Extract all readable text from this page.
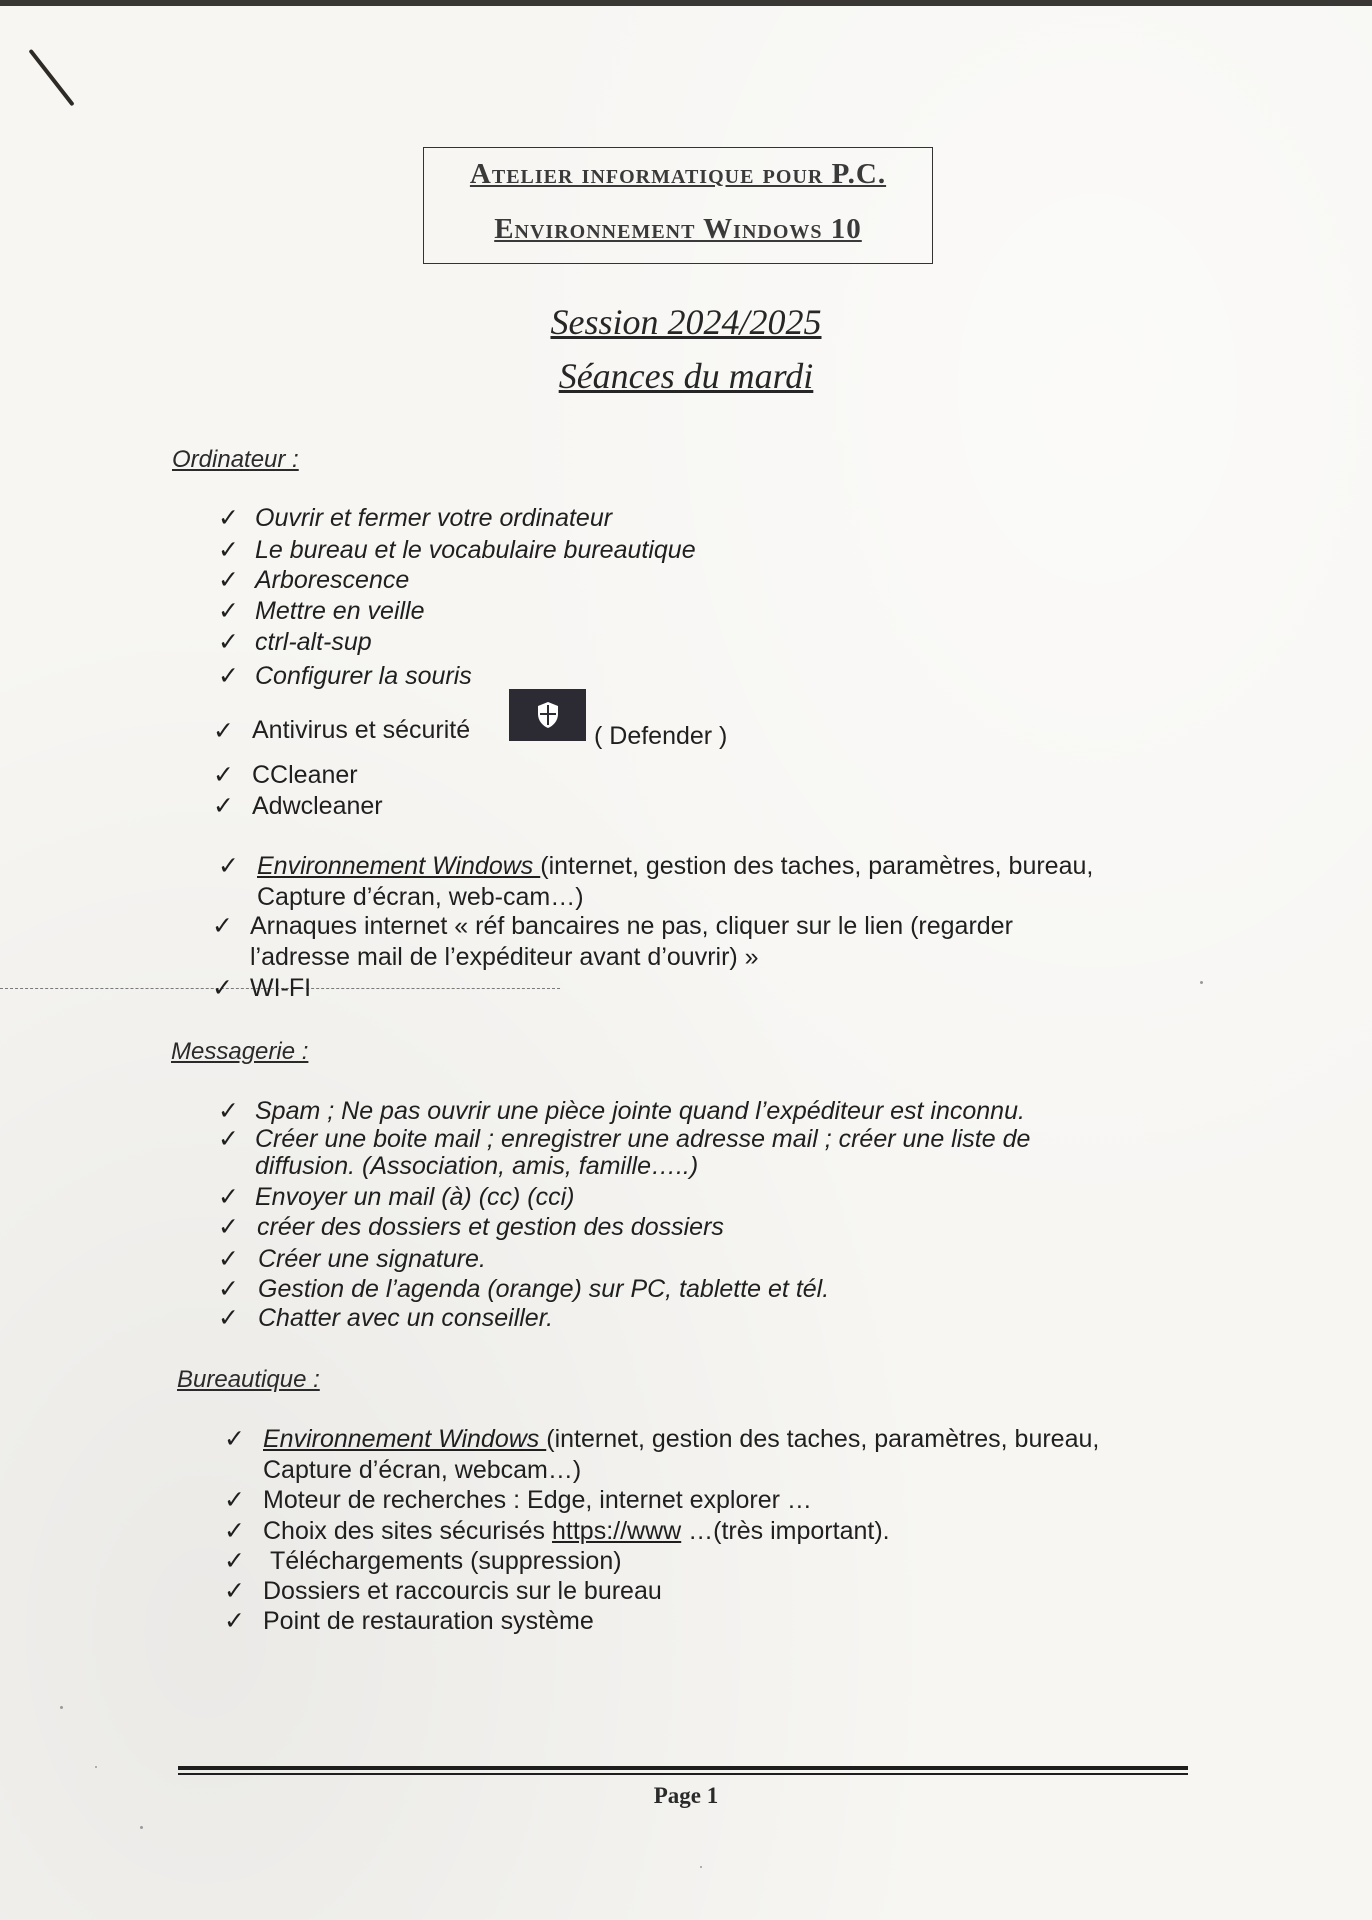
Atelier informatique pour P.C.
Environnement Windows 10
Session 2024/2025
Séances du mardi
Ordinateur :
✓ Ouvrir et fermer votre ordinateur
✓ Le bureau et le vocabulaire bureautique
✓ Arborescence
✓ Mettre en veille
✓ ctrl-alt-sup
✓ Configurer la souris
✓ Antivirus et sécurité	( Defender )
✓ CCleaner
✓ Adwcleaner
✓ Environnement Windows (internet, gestion des taches, paramètres, bureau,
Capture d’écran, web-cam…)
✓ Arnaques internet « réf bancaires ne pas, cliquer sur le lien (regarder
l’adresse mail de l’expéditeur avant d’ouvrir) »
✓ WI-FI
Messagerie :
✓ Spam ; Ne pas ouvrir une pièce jointe quand l’expéditeur est inconnu.
✓ Créer une boite mail ; enregistrer une adresse mail ; créer une liste de
diffusion. (Association, amis, famille…..)
✓ Envoyer un mail (à) (cc) (cci)
✓ créer des dossiers et gestion des dossiers
✓ Créer une signature.
✓ Gestion de l’agenda (orange) sur PC, tablette et tél.
✓ Chatter avec un conseiller.
Bureautique :
✓ Environnement Windows (internet, gestion des taches, paramètres, bureau,
Capture d’écran, webcam…)
✓ Moteur de recherches : Edge, internet explorer …
✓ Choix des sites sécurisés https://www …(très important).
✓ Téléchargements (suppression)
✓ Dossiers et raccourcis sur le bureau
✓ Point de restauration système
Page 1
